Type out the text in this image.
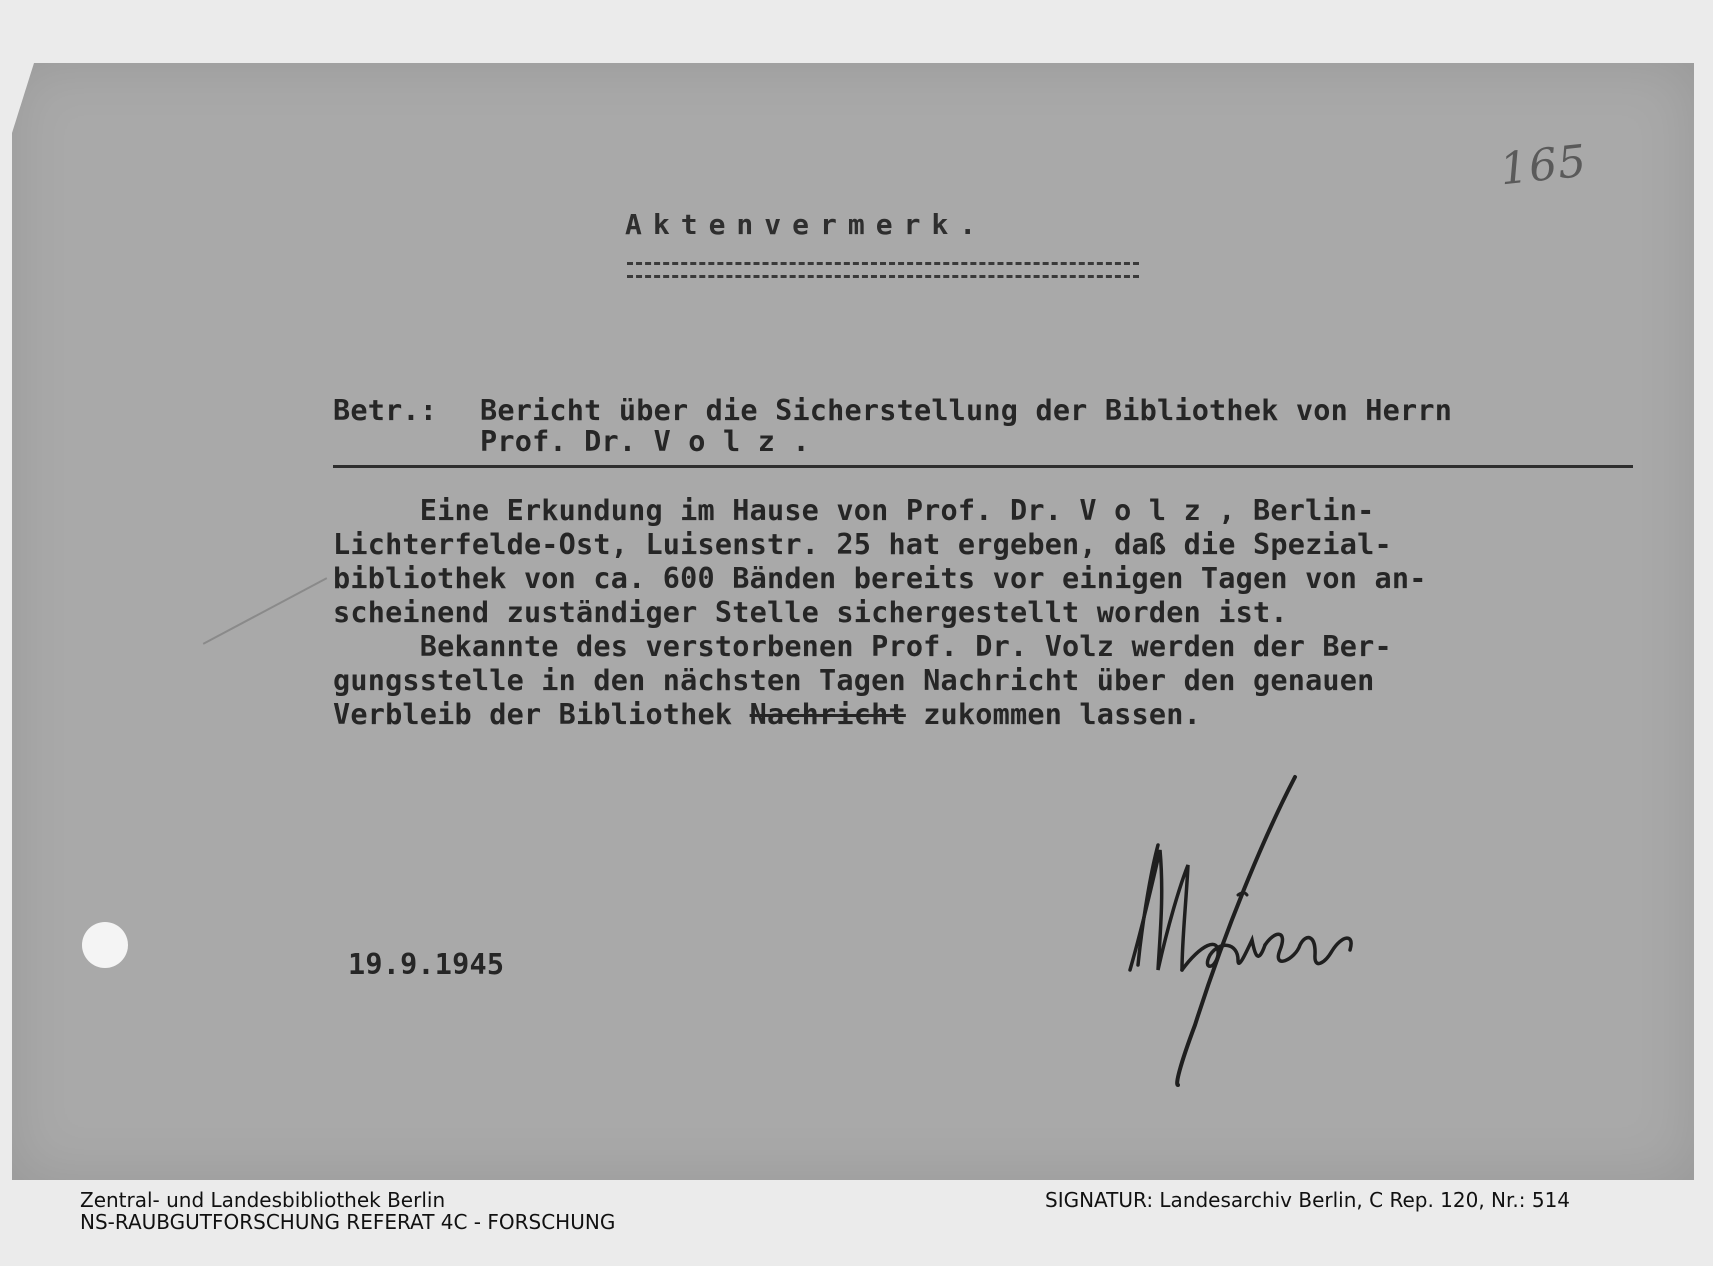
165
Aktenvermerk.
Betr.: Bericht über die Sicherstellung der Bibliothek von Herrn
Prof. Dr. V o l z .
Eine Erkundung im Hause von Prof. Dr. V o l z , Berlin-
Lichterfelde-Ost, Luisenstr. 25 hat ergeben, daß die Spezial-
bibliothek von ca. 600 Bänden bereits vor einigen Tagen von an-
scheinend zuständiger Stelle sichergestellt worden ist.
Bekannte des verstorbenen Prof. Dr. Volz werden der Ber-
gungsstelle in den nächsten Tagen Nachricht über den genauen
Verbleib der Bibliothek Nachricht zukommen lassen.
19.9.1945
Zentral- und Landesbibliothek Berlin
NS-RAUBGUTFORSCHUNG REFERAT 4C - FORSCHUNG
SIGNATUR: Landesarchiv Berlin, C Rep. 120, Nr.: 514
